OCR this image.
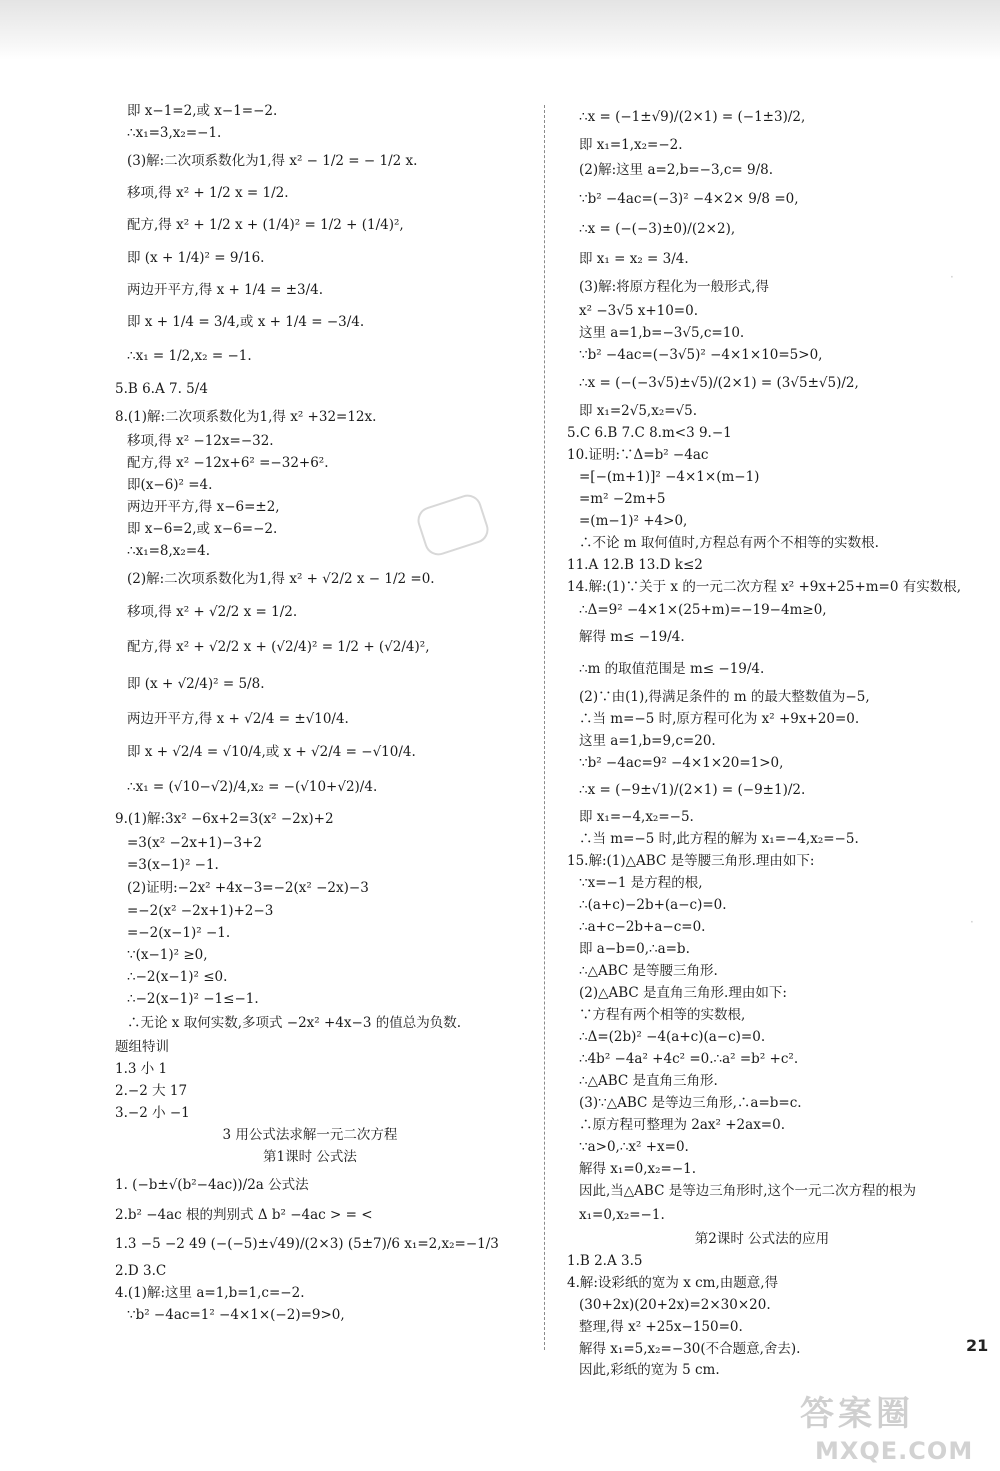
即 x−1=2,或 x−1=−2.
∴x₁=3,x₂=−1.
(3)解:二次项系数化为1,得 x² − 1/2 = − 1/2 x.
移项,得 x² + 1/2 x = 1/2.
配方,得 x² + 1/2 x + (1/4)² = 1/2 + (1/4)²,
即 (x + 1/4)² = 9/16.
两边开平方,得 x + 1/4 = ±3/4.
即 x + 1/4 = 3/4,或 x + 1/4 = −3/4.
∴x₁ = 1/2,x₂ = −1.
5.B 6.A 7. 5/4
8.(1)解:二次项系数化为1,得 x² +32=12x.
移项,得 x² −12x=−32.
配方,得 x² −12x+6² =−32+6².
即(x−6)² =4.
两边开平方,得 x−6=±2,
即 x−6=2,或 x−6=−2.
∴x₁=8,x₂=4.
(2)解:二次项系数化为1,得 x² + √2/2 x − 1/2 =0.
移项,得 x² + √2/2 x = 1/2.
配方,得 x² + √2/2 x + (√2/4)² = 1/2 + (√2/4)²,
即 (x + √2/4)² = 5/8.
两边开平方,得 x + √2/4 = ±√10/4.
即 x + √2/4 = √10/4,或 x + √2/4 = −√10/4.
∴x₁ = (√10−√2)/4,x₂ = −(√10+√2)/4.
9.(1)解:3x² −6x+2=3(x² −2x)+2
=3(x² −2x+1)−3+2
=3(x−1)² −1.
(2)证明:−2x² +4x−3=−2(x² −2x)−3
=−2(x² −2x+1)+2−3
=−2(x−1)² −1.
∵(x−1)² ≥0,
∴−2(x−1)² ≤0.
∴−2(x−1)² −1≤−1.
∴无论 x 取何实数,多项式 −2x² +4x−3 的值总为负数.
题组特训
1.3 小 1
2.−2 大 17
3.−2 小 −1
3 用公式法求解一元二次方程
第1课时 公式法
1. (−b±√(b²−4ac))/2a 公式法
2.b² −4ac 根的判别式 Δ b² −4ac > = <
1.3 −5 −2 49 (−(−5)±√49)/(2×3) (5±7)/6 x₁=2,x₂=−1/3
2.D 3.C
4.(1)解:这里 a=1,b=1,c=−2.
∵b² −4ac=1² −4×1×(−2)=9>0,
∴x = (−1±√9)/(2×1) = (−1±3)/2,
即 x₁=1,x₂=−2.
(2)解:这里 a=2,b=−3,c= 9/8.
∵b² −4ac=(−3)² −4×2× 9/8 =0,
∴x = (−(−3)±0)/(2×2),
即 x₁ = x₂ = 3/4.
(3)解:将原方程化为一般形式,得
x² −3√5 x+10=0.
这里 a=1,b=−3√5,c=10.
∵b² −4ac=(−3√5)² −4×1×10=5>0,
∴x = (−(−3√5)±√5)/(2×1) = (3√5±√5)/2,
即 x₁=2√5,x₂=√5.
5.C 6.B 7.C 8.m<3 9.−1
10.证明:∵Δ=b² −4ac
=[−(m+1)]² −4×1×(m−1)
=m² −2m+5
=(m−1)² +4>0,
∴不论 m 取何值时,方程总有两个不相等的实数根.
11.A 12.B 13.D k≤2
14.解:(1)∵关于 x 的一元二次方程 x² +9x+25+m=0 有实数根,
∴Δ=9² −4×1×(25+m)=−19−4m≥0,
解得 m≤ −19/4.
∴m 的取值范围是 m≤ −19/4.
(2)∵由(1),得满足条件的 m 的最大整数值为−5,
∴当 m=−5 时,原方程可化为 x² +9x+20=0.
这里 a=1,b=9,c=20.
∵b² −4ac=9² −4×1×20=1>0,
∴x = (−9±√1)/(2×1) = (−9±1)/2.
即 x₁=−4,x₂=−5.
∴当 m=−5 时,此方程的解为 x₁=−4,x₂=−5.
15.解:(1)△ABC 是等腰三角形.理由如下:
∵x=−1 是方程的根,
∴(a+c)−2b+(a−c)=0.
∴a+c−2b+a−c=0.
即 a−b=0,∴a=b.
∴△ABC 是等腰三角形.
(2)△ABC 是直角三角形.理由如下:
∵方程有两个相等的实数根,
∴Δ=(2b)² −4(a+c)(a−c)=0.
∴4b² −4a² +4c² =0.∴a² =b² +c².
∴△ABC 是直角三角形.
(3)∵△ABC 是等边三角形,∴a=b=c.
∴原方程可整理为 2ax² +2ax=0.
∵a>0,∴x² +x=0.
解得 x₁=0,x₂=−1.
因此,当△ABC 是等边三角形时,这个一元二次方程的根为
x₁=0,x₂=−1.
第2课时 公式法的应用
1.B 2.A 3.5
4.解:设彩纸的宽为 x cm,由题意,得
(30+2x)(20+2x)=2×30×20.
整理,得 x² +25x−150=0.
解得 x₁=5,x₂=−30(不合题意,舍去).
因此,彩纸的宽为 5 cm.
·
·
21
答案圈
MXQE.COM
